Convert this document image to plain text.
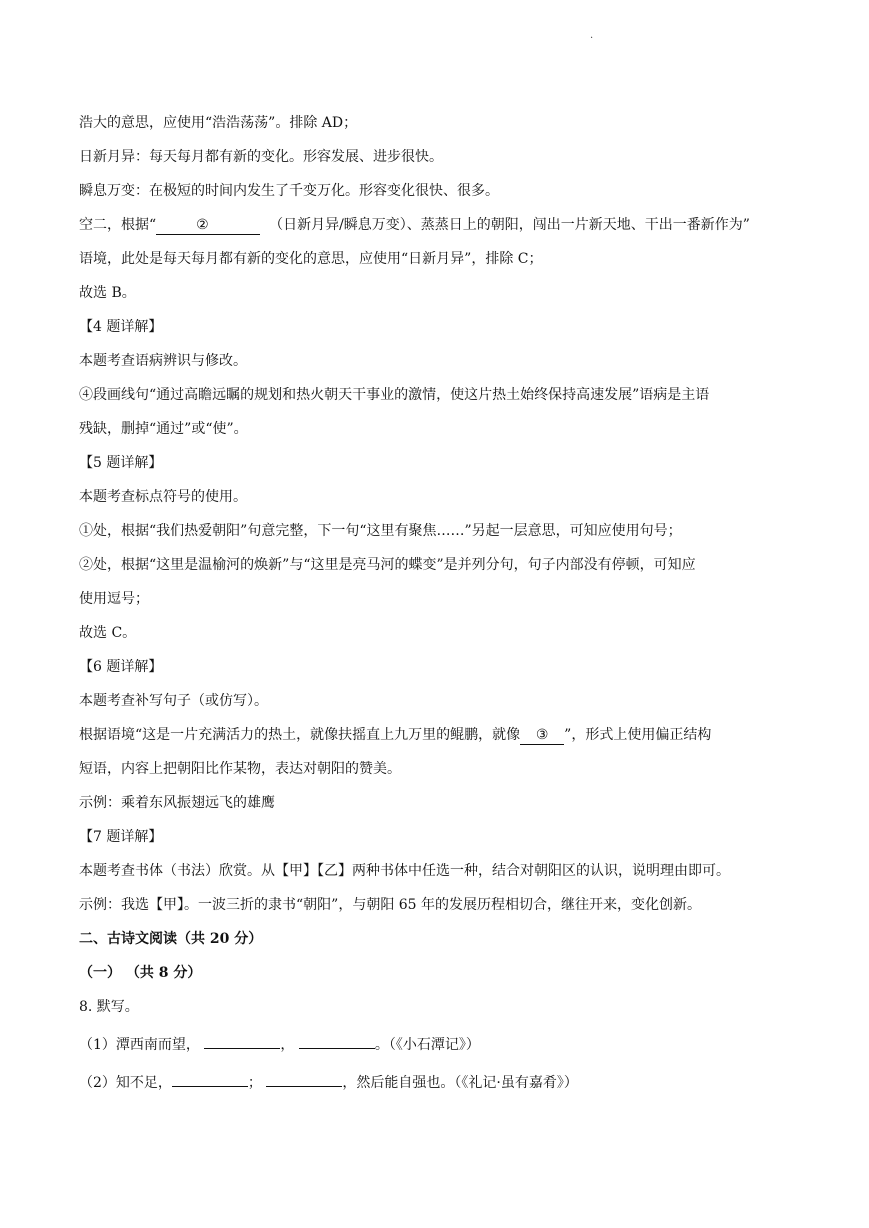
.
浩大的意思，应使用“浩浩荡荡”。排除 AD；
日新月异：每天每月都有新的变化。形容发展、进步很快。
瞬息万变：在极短的时间内发生了千变万化。形容变化很快、很多。
空二，根据“	②	（日新月异/瞬息万变）、蒸蒸日上的朝阳，闯出一片新天地、干出一番新作为”
语境，此处是每天每月都有新的变化的意思，应使用“日新月异”，排除 C；
故选 B。
【4 题详解】
本题考查语病辨识与修改。
④段画线句“通过高瞻远瞩的规划和热火朝天干事业的激情，使这片热土始终保持高速发展”语病是主语
残缺，删掉“通过”或“使”。
【5 题详解】
本题考查标点符号的使用。
①处，根据“我们热爱朝阳”句意完整，下一句“这里有聚焦……”另起一层意思，可知应使用句号；
②处，根据“这里是温榆河的焕新”与“这里是亮马河的蝶变”是并列分句，句子内部没有停顿，可知应
使用逗号；
故选 C。
【6 题详解】
本题考查补写句子（或仿写）。
根据语境“这是一片充满活力的热土，就像扶摇直上九万里的鲲鹏，就像 ③ ”，形式上使用偏正结构
短语，内容上把朝阳比作某物，表达对朝阳的赞美。
示例：乘着东风振翅远飞的雄鹰
【7 题详解】
本题考查书体（书法）欣赏。从【甲】【乙】两种书体中任选一种，结合对朝阳区的认识，说明理由即可。
示例：我选【甲】。一波三折的隶书“朝阳”，与朝阳 65 年的发展历程相切合，继往开来，变化创新。
二、古诗文阅读（共 20 分）
（一） （共 8 分）
8. 默写。
（1）潭西南而望，	，	。（《小石潭记》）
（2）知不足，	；	，然后能自强也。（《礼记·虽有嘉肴》）
